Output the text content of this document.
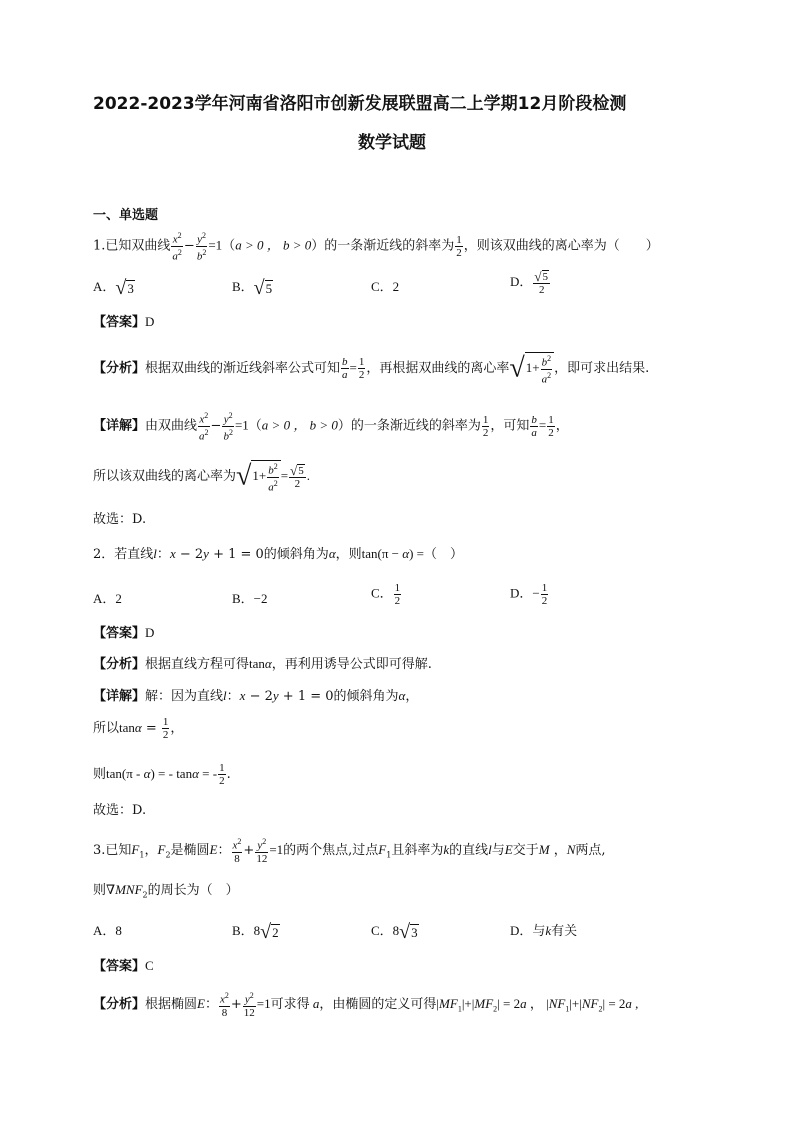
2022-2023学年河南省洛阳市创新发展联盟高二上学期12月阶段检测
数学试题
一、单选题
1.已知双曲线 $\frac{x^2}{a^2} - \frac{y^2}{b^2} =1(a > 0$ ， b > 0）的一条渐近线的斜率为 $\frac{1}{2}$ ，则该双曲线的离心率为（　　）
A．√3	B．√5	C．2	D． $\frac{√5}{2}$
【答案】D
【分析】根据双曲线的渐近线斜率公式可知 $\frac{b}{a} = \frac{1}{2}$ ，再根据双曲线的离心率$√1+ \frac{b^2}{a^2}$ ，即可求出结果.
【详解】由双曲线 $\frac{x^2}{a^2} - \frac{y^2}{b^2} =1(a > 0$ ， b > 0）的一条渐近线的斜率为 $\frac{1}{2}$ ，可知 $\frac{b}{a} = \frac{1}{2}$ ，
所以该双曲线的离心率为$√1+ \frac{b^2}{a^2} = \frac{√5}{2}$ .
故选：D.
2．若直线l：x − 2y + 1 = 0的倾斜角为α，则tan(π − α) =（　）
A．2	B．−2	C． $\frac{1}{2}$	D．− $\frac{1}{2}$
【答案】D
【分析】根据直线方程可得tanα，再利用诱导公式即可得解.
【详解】解：因为直线l：x − 2y + 1 = 0的倾斜角为α，
所以$\tan\alpha = \frac{1}{2}$ ，
则tan(π - α) = - tanα = - $\frac{1}{2}$ .
故选：D.
3.已知$F_1$，$F_2$是椭圆E： $\frac{x^2}{8} + \frac{y^2}{12} =1$的两个焦点,过点$F_1$且斜率为k的直线l与E交于M ，N两点,
则$\nabla MNF_2$的周长为（　）
A．8	B．8√2	C．8√3	D．与k有关
【答案】C
【分析】根据椭圆E： $\frac{x^2}{8} + \frac{y^2}{12} =1$可求得 a，由椭圆的定义可得$|MF_1|+|MF_2| = 2a$ ， $|NF_1|+|NF_2| = 2a$ ,
